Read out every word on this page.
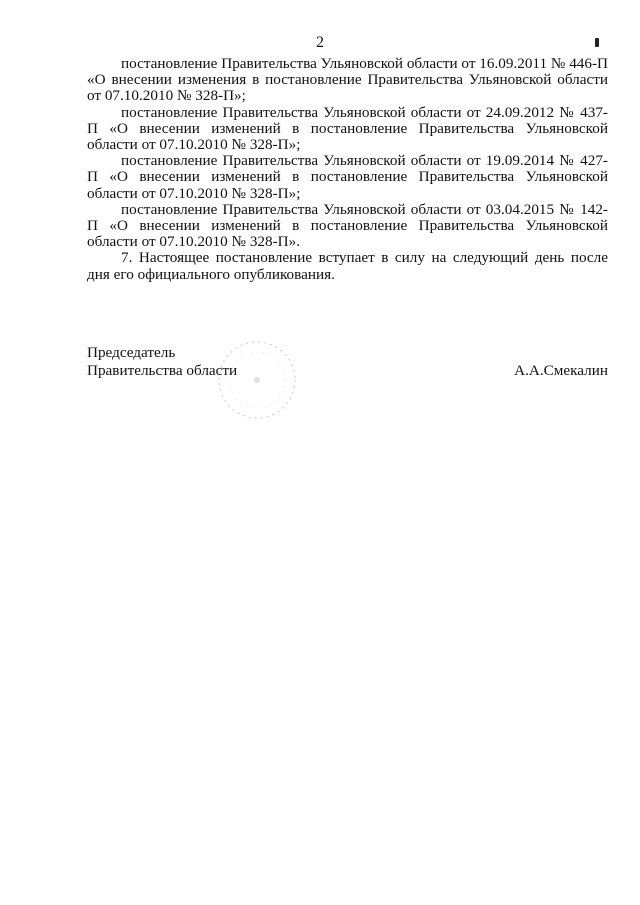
2

постановление Правительства Ульяновской области от 16.09.2011 № 446-П «О внесении изменения в постановление Правительства Ульяновской области от 07.10.2010 № 328-П»;

постановление Правительства Ульяновской области от 24.09.2012 № 437-П «О внесении изменений в постановление Правительства Ульяновской области от 07.10.2010 № 328-П»;

постановление Правительства Ульяновской области от 19.09.2014 № 427-П «О внесении изменений в постановление Правительства Ульяновской области от 07.10.2010 № 328-П»;

постановление Правительства Ульяновской области от 03.04.2015 № 142-П «О внесении изменений в постановление Правительства Ульяновской области от 07.10.2010 № 328-П».

7. Настоящее постановление вступает в силу на следующий день после дня его официального опубликования.

Председатель
Правительства области	А.А.Смекалин
